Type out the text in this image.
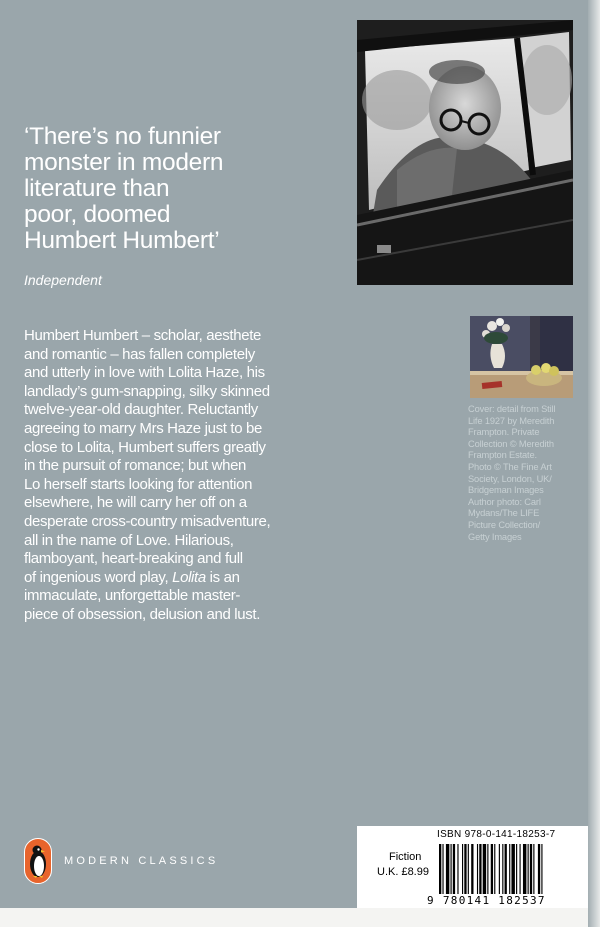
‘There’s no funnier
monster in modern
literature than
poor, doomed
Humbert Humbert’
Independent
Humbert Humbert – scholar, aesthete
and romantic – has fallen completely
and utterly in love with Lolita Haze, his
landlady’s gum-snapping, silky skinned
twelve-year-old daughter. Reluctantly
agreeing to marry Mrs Haze just to be
close to Lolita, Humbert suffers greatly
in the pursuit of romance; but when
Lo herself starts looking for attention
elsewhere, he will carry her off on a
desperate cross-country misadventure,
all in the name of Love. Hilarious,
flamboyant, heart-breaking and full
of ingenious word play, Lolita is an
immaculate, unforgettable master-
piece of obsession, delusion and lust.
Cover: detail from Still
Life 1927 by Meredith
Frampton. Private
Collection © Meredith
Frampton Estate.
Photo © The Fine Art
Society, London, UK/
Bridgeman Images
Author photo: Carl
Mydans/The LIFE
Picture Collection/
Getty Images
MODERN CLASSICS
ISBN 978-0-141-18253-7
Fiction
U.K. £8.99
9 780141 182537
